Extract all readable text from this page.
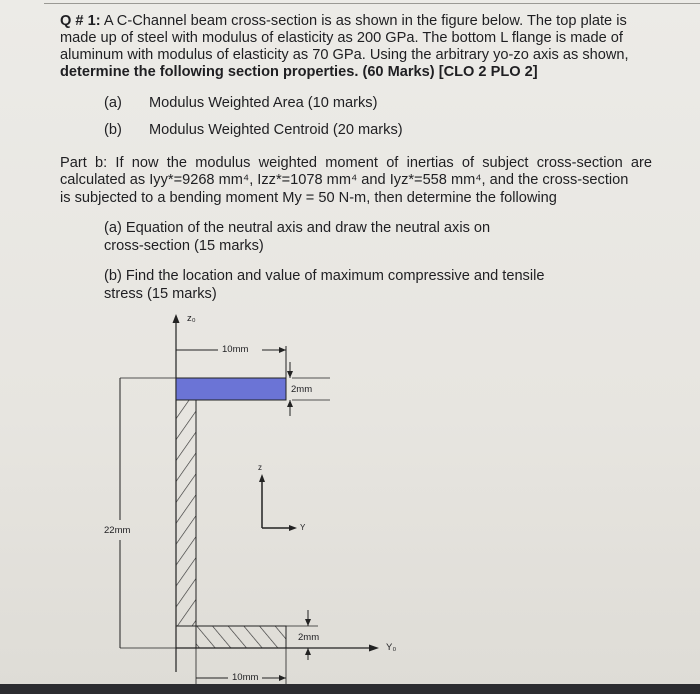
Q # 1: A C-Channel beam cross-section is as shown in the figure below. The top plate is
made up of steel with modulus of elasticity as 200 GPa. The bottom L flange is made of
aluminum with modulus of elasticity as 70 GPa. Using the arbitrary yo-zo axis as shown,
determine the following section properties. (60 Marks) [CLO 2 PLO 2]
(a) Modulus Weighted Area (10 marks)
(b) Modulus Weighted Centroid (20 marks)
Part b: If now the modulus weighted moment of inertias of subject cross-section are
calculated as Iyy*=9268 mm⁴, Izz*=1078 mm⁴ and Iyz*=558 mm⁴, and the cross-section
is subjected to a bending moment My = 50 N-m, then determine the following
(a) Equation of the neutral axis and draw the neutral axis on
cross-section (15 marks)
(b) Find the location and value of maximum compressive and tensile
stress (15 marks)
z₀
Y₀
z
Y
10mm
2mm
22mm
2mm
10mm
